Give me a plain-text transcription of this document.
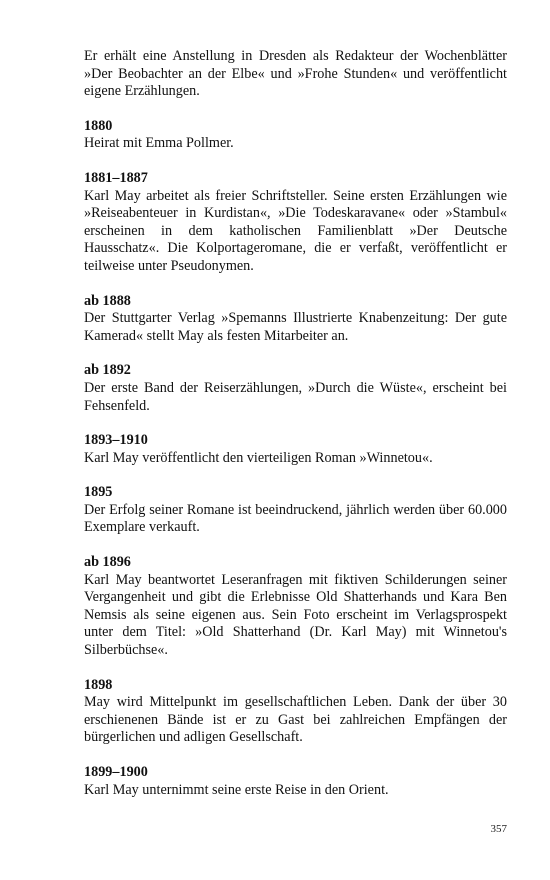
Er erhält eine Anstellung in Dresden als Redakteur der Wochenblätter »Der Beobachter an der Elbe« und »Frohe Stunden« und veröffentlicht eigene Erzählungen.
1880
Heirat mit Emma Pollmer.
1881–1887
Karl May arbeitet als freier Schriftsteller. Seine ersten Erzählungen wie »Reiseabenteuer in Kurdistan«, »Die Todeskaravane« oder »Stambul« erscheinen in dem katholischen Familienblatt »Der Deutsche Hausschatz«. Die Kolportageromane, die er verfaßt, veröffentlicht er teilweise unter Pseudonymen.
ab 1888
Der Stuttgarter Verlag »Spemanns Illustrierte Knabenzeitung: Der gute Kamerad« stellt May als festen Mitarbeiter an.
ab 1892
Der erste Band der Reiserzählungen, »Durch die Wüste«, erscheint bei Fehsenfeld.
1893–1910
Karl May veröffentlicht den vierteiligen Roman »Winnetou«.
1895
Der Erfolg seiner Romane ist beeindruckend, jährlich werden über 60.000 Exemplare verkauft.
ab 1896
Karl May beantwortet Leseranfragen mit fiktiven Schilderungen seiner Vergangenheit und gibt die Erlebnisse Old Shatterhands und Kara Ben Nemsis als seine eigenen aus. Sein Foto erscheint im Verlagsprospekt unter dem Titel: »Old Shatterhand (Dr. Karl May) mit Winnetou's Silberbüchse«.
1898
May wird Mittelpunkt im gesellschaftlichen Leben. Dank der über 30 erschienenen Bände ist er zu Gast bei zahlreichen Empfängen der bürgerlichen und adligen Gesellschaft.
1899–1900
Karl May unternimmt seine erste Reise in den Orient.
357
